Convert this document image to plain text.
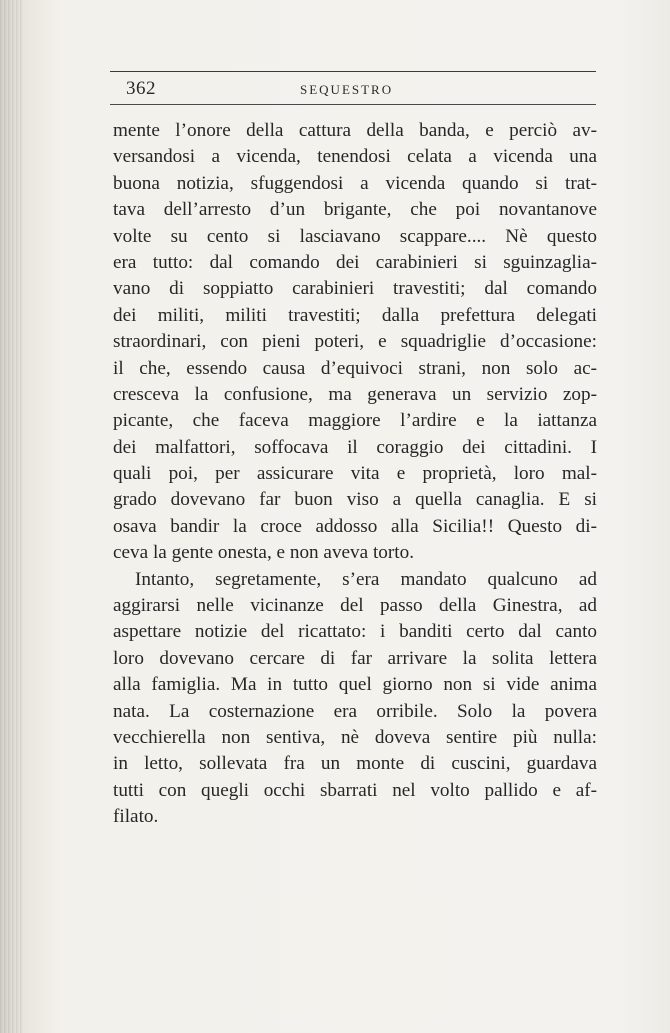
362	SEQUESTRO
mente l’onore della cattura della banda, e perciò av-
versandosi a vicenda, tenendosi celata a vicenda una
buona notizia, sfuggendosi a vicenda quando si trat-
tava dell’arresto d’un brigante, che poi novantanove
volte su cento si lasciavano scappare.... Nè questo
era tutto: dal comando dei carabinieri si sguinzaglia-
vano di soppiatto carabinieri travestiti; dal comando
dei militi, militi travestiti; dalla prefettura delegati
straordinari, con pieni poteri, e squadriglie d’occasione:
il che, essendo causa d’equivoci strani, non solo ac-
cresceva la confusione, ma generava un servizio zop-
picante, che faceva maggiore l’ardire e la iattanza
dei malfattori, soffocava il coraggio dei cittadini. I
quali poi, per assicurare vita e proprietà, loro mal-
grado dovevano far buon viso a quella canaglia. E si
osava bandir la croce addosso alla Sicilia!! Questo di-
ceva la gente onesta, e non aveva torto.
Intanto, segretamente, s’era mandato qualcuno ad
aggirarsi nelle vicinanze del passo della Ginestra, ad
aspettare notizie del ricattato: i banditi certo dal canto
loro dovevano cercare di far arrivare la solita lettera
alla famiglia. Ma in tutto quel giorno non si vide anima
nata. La costernazione era orribile. Solo la povera
vecchierella non sentiva, nè doveva sentire più nulla:
in letto, sollevata fra un monte di cuscini, guardava
tutti con quegli occhi sbarrati nel volto pallido e af-
filato.
